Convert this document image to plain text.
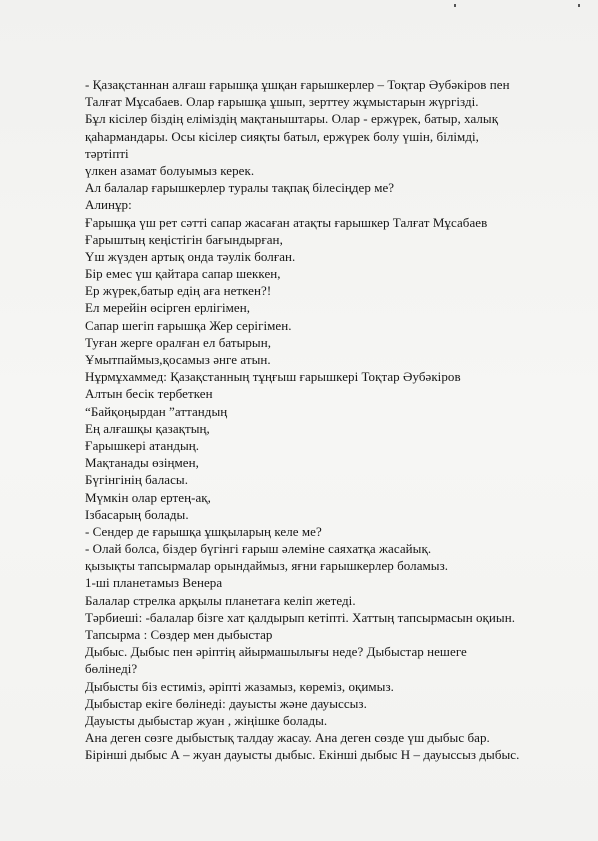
- Қазақстаннан алғаш ғарышқа ұшқан ғарышкерлер – Тоқтар Әубәкіров пен
Талғат Мұсабаев. Олар ғарышқа ұшып, зерттеу жұмыстарын жүргізді.
Бұл кісілер біздің еліміздің мақтаныштары. Олар - ержүрек, батыр, халық
қаһармандары. Осы кісілер сияқты батыл, ержүрек болу үшін, білімді,
тәртіпті
үлкен азамат болуымыз керек.
Ал балалар ғарышкерлер туралы тақпақ білесіңдер ме?
Алинұр:
Ғарышқа үш рет сәтті сапар жасаған атақты ғарышкер Талғат Мұсабаев
Ғарыштың кеңістігін бағындырған,
Үш жүзден артық онда тәулік болған.
Бір емес үш қайтара сапар шеккен,
Ер жүрек,батыр едің аға неткен?!
Ел мерейін өсірген ерлігімен,
Сапар шегіп ғарышқа Жер серігімен.
Туған жерге оралған ел батырын,
Ұмытпаймыз,қосамыз әнге атын.
Нұрмұхаммед: Қазақстанның тұңғыш ғарышкері Тоқтар Әубәкіров
Алтын бесік тербеткен
“Байқоңырдан ”аттандың
Ең алғашқы қазақтың,
Ғарышкері атандың.
Мақтанады өзіңмен,
Бүгінгінің баласы.
Мүмкін олар ертең-ақ,
Ізбасарың болады.
- Сендер де ғарышқа ұшқыларың келе ме?
- Олай болса, біздер бүгінгі ғарыш әлеміне саяхатқа жасайық.
қызықты тапсырмалар орындаймыз, яғни ғарышкерлер боламыз.
1-ші планетамыз Венера
Балалар стрелка арқылы планетаға келіп жетеді.
Тәрбиеші: -балалар бізге хат қалдырып кетіпті. Хаттың тапсырмасын оқиын.
Тапсырма : Сөздер мен дыбыстар
Дыбыс. Дыбыс пен әріптің айырмашылығы неде? Дыбыстар нешеге
бөлінеді?
Дыбысты біз естиміз, әріпті жазамыз, көреміз, оқимыз.
Дыбыстар екіге бөлінеді: дауысты және дауыссыз.
Дауысты дыбыстар жуан , жіңішке болады.
Ана деген сөзге дыбыстық талдау жасау. Ана деген сөзде үш дыбыс бар.
Бірінші дыбыс А – жуан дауысты дыбыс. Екінші дыбыс Н – дауыссыз дыбыс.
